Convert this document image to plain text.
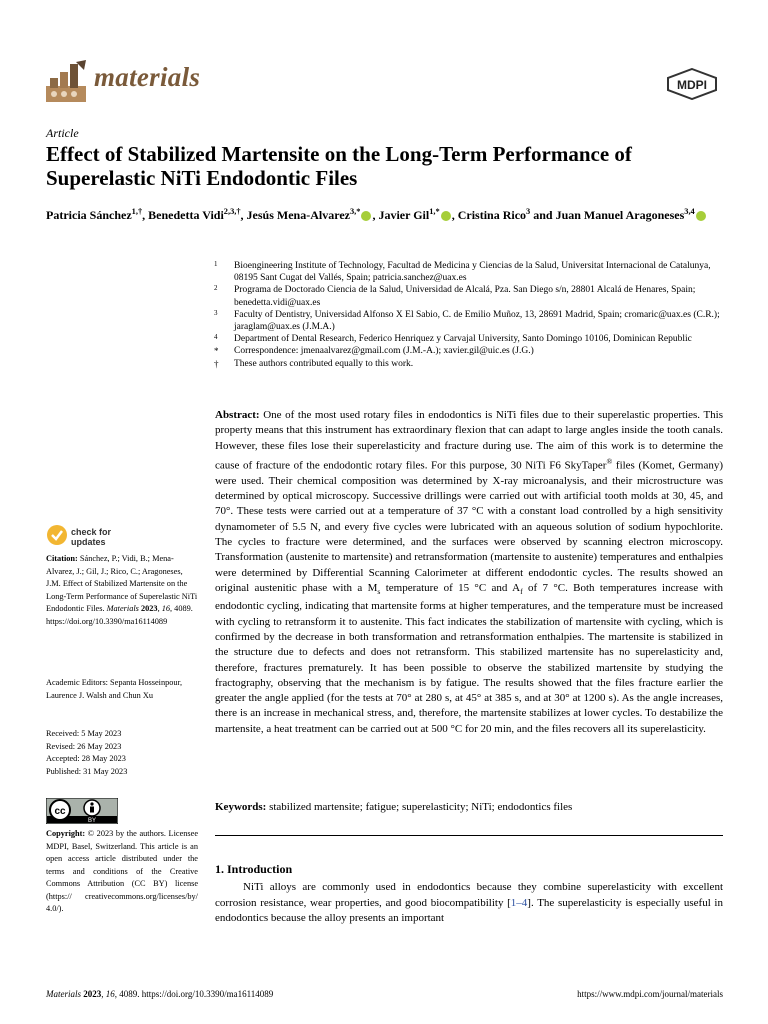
materials	MDPI
Article
Effect of Stabilized Martensite on the Long-Term Performance of Superelastic NiTi Endodontic Files
Patricia Sánchez$^{1,\dagger}$, Benedetta Vidi$^{2,3,\dagger}$, Jesús Mena-Alvarez$^{3,*}$ , Javier Gil$^{1,*}$ , Cristina Rico$^3$ and Juan Manuel Aragoneses$^{3,4}$
1 Bioengineering Institute of Technology, Facultad de Medicina y Ciencias de la Salud, Universitat Internacional de Catalunya, 08195 Sant Cugat del Vallés, Spain; patricia.sanchez@uax.es
2 Programa de Doctorado Ciencia de la Salud, Universidad de Alcalá, Pza. San Diego s/n, 28801 Alcalá de Henares, Spain; benedetta.vidi@uax.es
3 Faculty of Dentistry, Universidad Alfonso X El Sabio, C. de Emilio Muñoz, 13, 28691 Madrid, Spain; cromaric@uax.es (C.R.); jaraglam@uax.es (J.M.A.)
4 Department of Dental Research, Federico Henriquez y Carvajal University, Santo Domingo 10106, Dominican Republic
* Correspondence: jmenaalvarez@gmail.com (J.M.-A.); xavier.gil@uic.es (J.G.)
† These authors contributed equally to this work.
Abstract: One of the most used rotary files in endodontics is NiTi files due to their superelastic properties. This property means that this instrument has extraordinary flexion that can adapt to large angles inside the tooth canals. However, these files lose their superelasticity and fracture during use. The aim of this work is to determine the cause of fracture of the endodontic rotary files. For this purpose, 30 NiTi F6 SkyTaper® files (Komet, Germany) were used. Their chemical composition was determined by X-ray microanalysis, and their microstructure was determined by optical microscopy. Successive drillings were carried out with artificial tooth molds at 30, 45, and 70°. These tests were carried out at a temperature of 37 °C with a constant load controlled by a high sensitivity dynamometer of 5.5 N, and every five cycles were lubricated with an aqueous solution of sodium hypochlorite. The cycles to fracture were determined, and the surfaces were observed by scanning electron microscopy. Transformation (austenite to martensite) and retransformation (martensite to austenite) temperatures and enthalpies were determined by Differential Scanning Calorimeter at different endodontic cycles. The results showed an original austenitic phase with a $M_s$ temperature of 15 °C and $A_f$ of 7 °C. Both temperatures increase with endodontic cycling, indicating that martensite forms at higher temperatures, and the temperature must be increased with cycling to retransform it to austenite. This fact indicates the stabilization of martensite with cycling, which is confirmed by the decrease in both transformation and retransformation enthalpies. The martensite is stabilized in the structure due to defects and does not retransform. This stabilized martensite has no superelasticity and, therefore, fractures prematurely. It has been possible to observe the stabilized martensite by studying the fractography, observing that the mechanism is by fatigue. The results showed that the files fracture earlier the greater the angle applied (for the tests at 70° at 280 s, at 45° at 385 s, and at 30° at 1200 s). As the angle increases, there is an increase in mechanical stress, and, therefore, the martensite stabilizes at lower cycles. To destabilize the martensite, a heat treatment can be carried out at 500 °C for 20 min, and the files recovers all its superelasticity.
Keywords: stabilized martensite; fatigue; superelasticity; NiTi; endodontics files
1. Introduction
NiTi alloys are commonly used in endodontics because they combine superelasticity with excellent corrosion resistance, wear properties, and good biocompatibility [1–4]. The superelasticity is especially useful in endodontics because the alloy presents an important
check for
updates
Citation: Sánchez, P.; Vidi, B.; Mena-Alvarez, J.; Gil, J.; Rico, C.; Aragoneses, J.M. Effect of Stabilized Martensite on the Long-Term Performance of Superelastic NiTi Endodontic Files. Materials 2023, 16, 4089. https://doi.org/10.3390/ma16114089
Academic Editors: Sepanta Hosseinpour, Laurence J. Walsh and Chun Xu
Received: 5 May 2023
Revised: 26 May 2023
Accepted: 28 May 2023
Published: 31 May 2023
cc
BY
Copyright: © 2023 by the authors. Licensee MDPI, Basel, Switzerland. This article is an open access article distributed under the terms and conditions of the Creative Commons Attribution (CC BY) license (https:// creativecommons.org/licenses/by/ 4.0/).
Materials 2023, 16, 4089. https://doi.org/10.3390/ma16114089	https://www.mdpi.com/journal/materials
